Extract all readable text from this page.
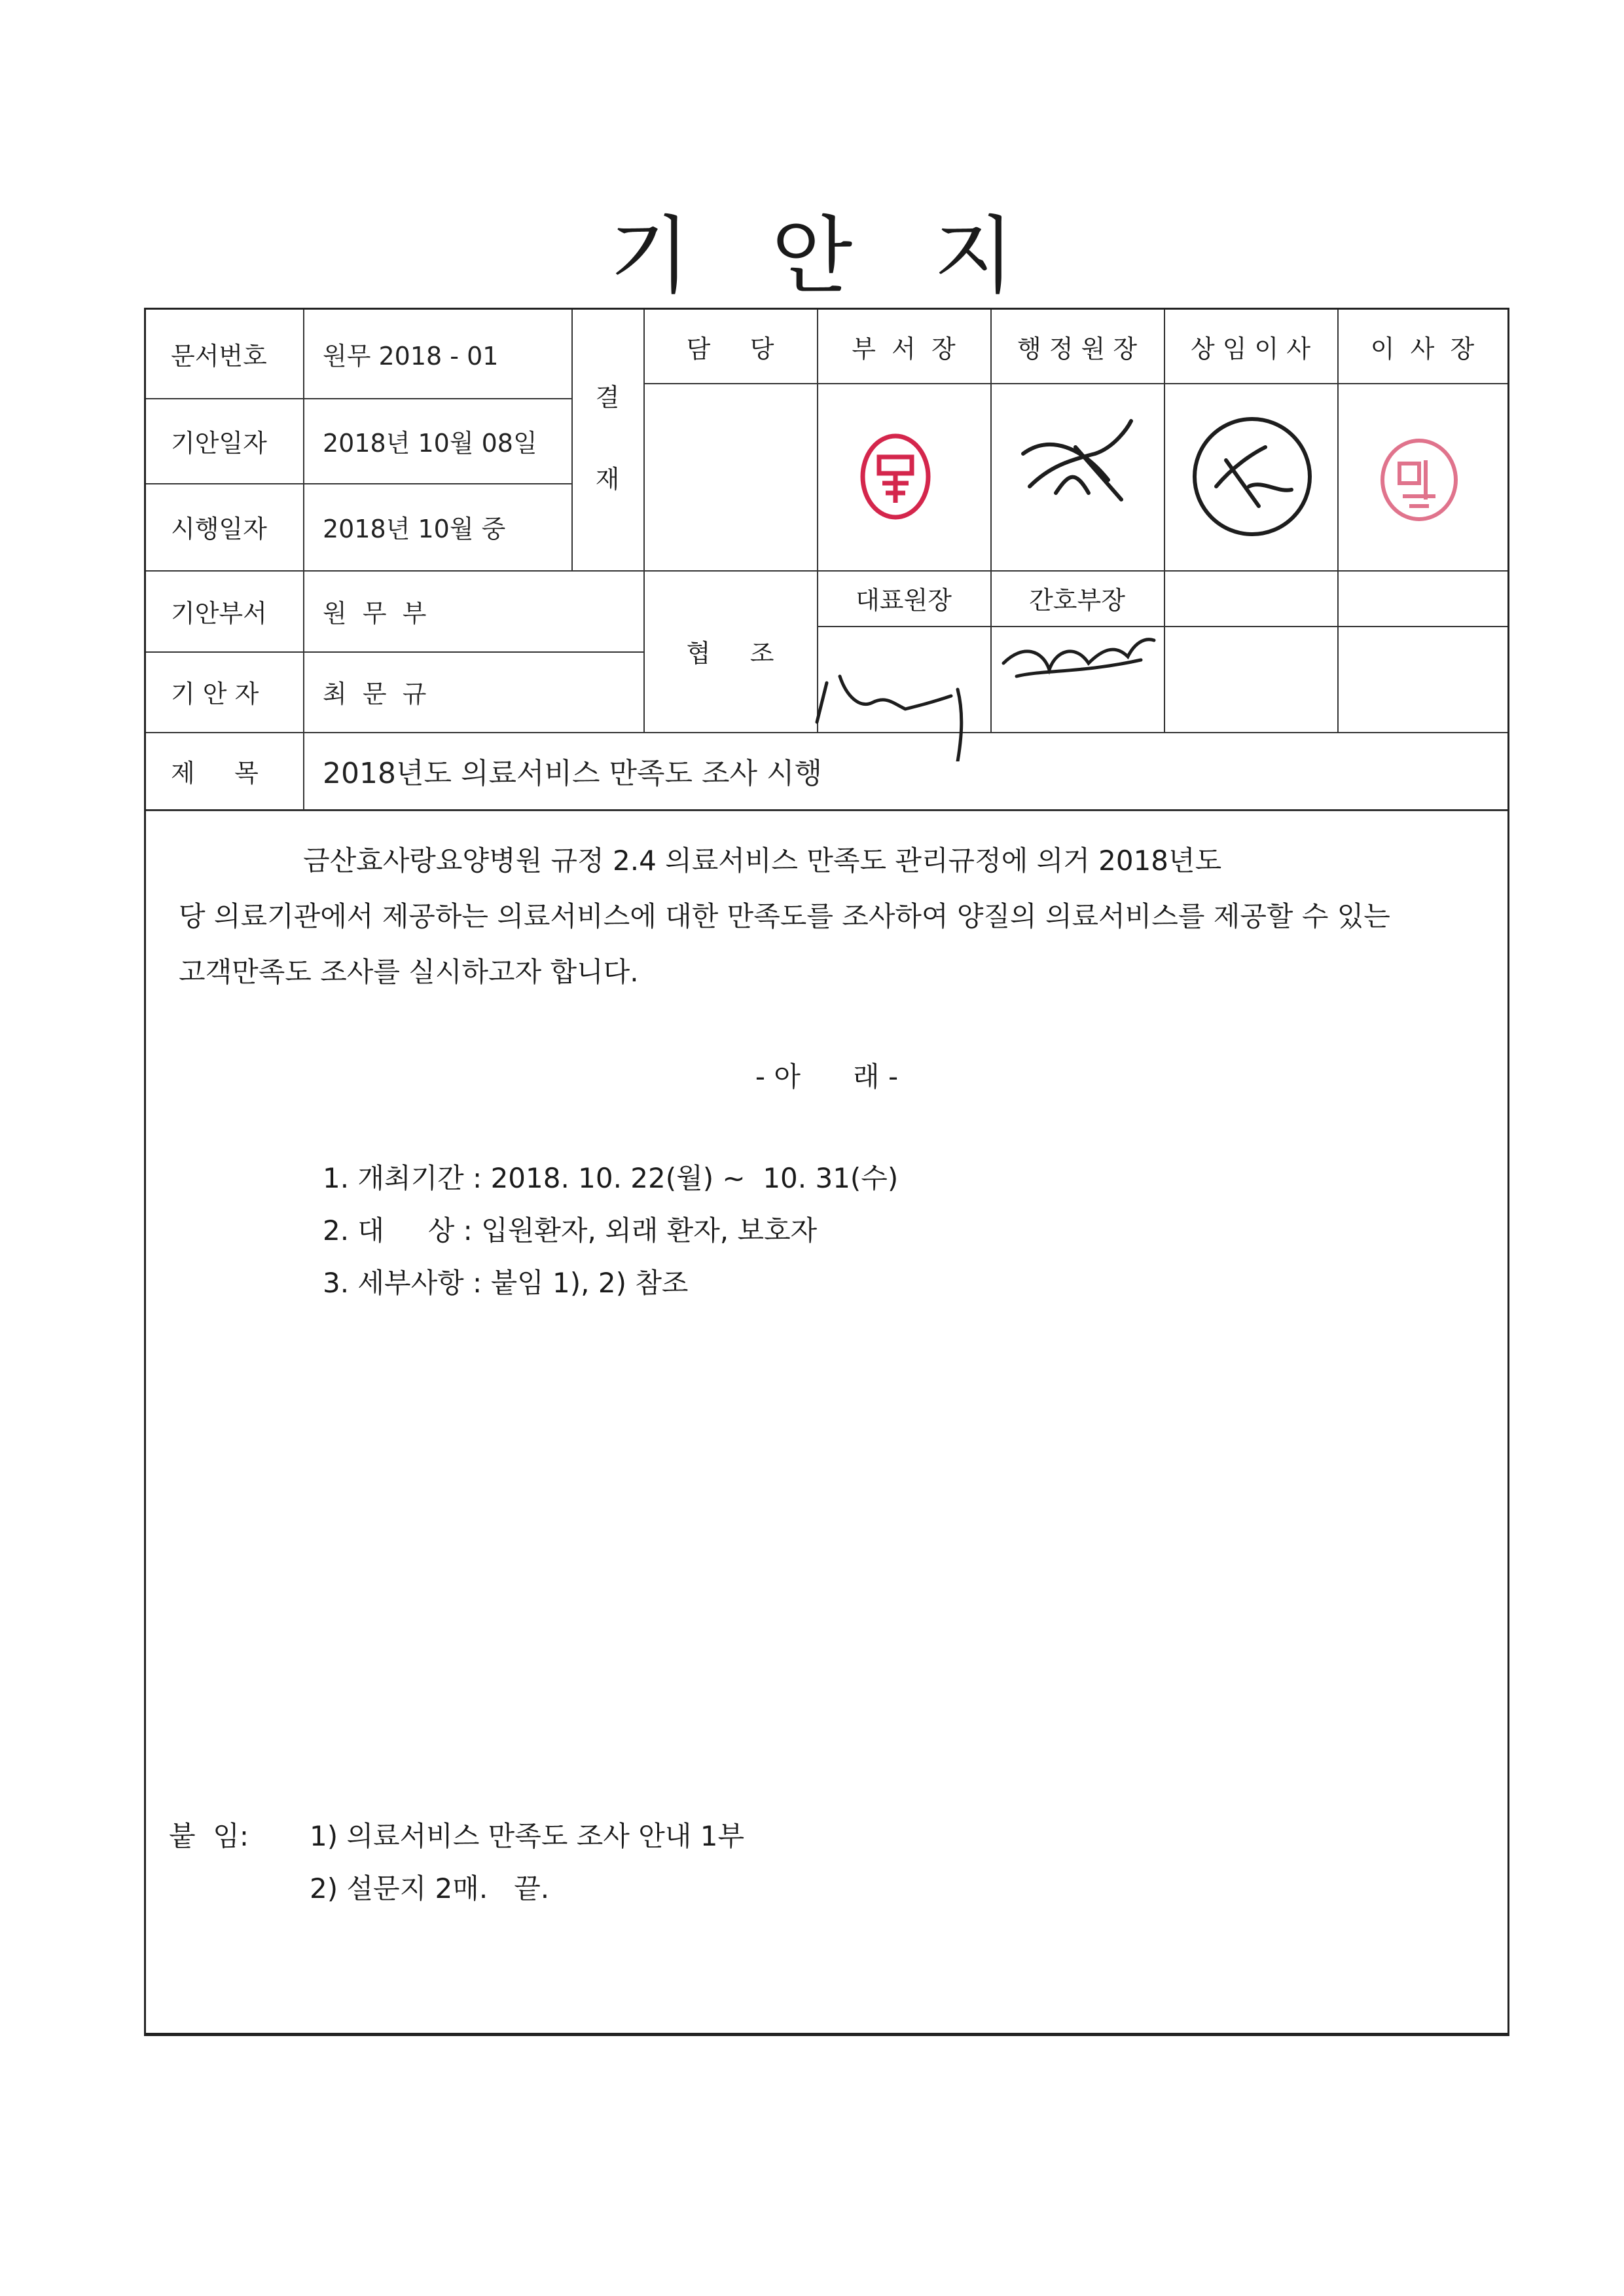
기 안 지
문서번호	원무 2018 - 01
기안일자	2018년 10월 08일
시행일자	2018년 10월 중
기안부서	원  무  부
기 안 자	최  문  규
제     목	2018년도 의료서비스 만족도 조사 시행
결
재
담     당	부  서  장	행 정 원 장	상 임 이 사	이  사  장
협     조
대표원장	간호부장
금산효사랑요양병원 규정 2.4 의료서비스 만족도 관리규정에 의거 2018년도
당 의료기관에서 제공하는 의료서비스에 대한 만족도를 조사하여 양질의 의료서비스를 제공할 수 있는
고객만족도 조사를 실시하고자 합니다.
- 아      래 -
1. 개최기간 : 2018. 10. 22(월) ~  10. 31(수)
2. 대     상 : 입원환자, 외래 환자, 보호자
3. 세부사항 : 붙임 1), 2) 참조
붙  임: 1) 의료서비스 만족도 조사 안내 1부
2) 설문지 2매.   끝.
